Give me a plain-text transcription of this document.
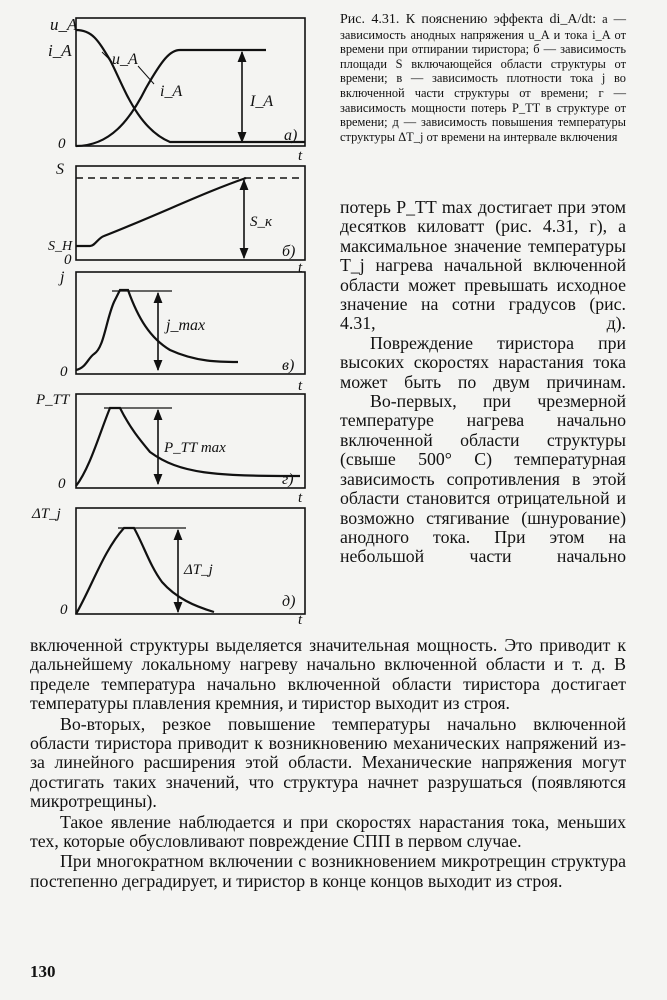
u_A
i_A	u_A
i_A
I_A
0
t
а)
S
S_Н
S_к
0	t
б)
j
j_max
0
t
в)
P_TT
P_TT max
0
t
г)
ΔT_j
ΔT_j
0
t
д)
Рис. 4.31. К пояснению эффекта di_A/dt: а — зависимость анодных напряжения u_A и тока i_A от времени при отпирании тиристора; б — зависимость площади S включающейся области структуры от времени; в — зависимость плотности тока j во включенной части структуры от времени; г — зависимость мощности потерь P_TT в структуре от времени; д — зависимость повышения температуры структуры ΔT_j от времени на интервале включения

потерь P_TT max достигает при этом десятков киловатт (рис. 4.31, г), а максимальное значение температуры T_j нагрева начальной включенной области может превышать исходное значение на сотни градусов (рис. 4.31, д).

Повреждение тиристора при высоких скоростях нарастания тока может быть по двум причинам.

Во-первых, при чрезмерной температуре нагрева начально включенной области структуры (свыше 500° С) температурная зависимость сопротивления в этой области становится отрицательной и возможно стягивание (шнурование) анодного тока. При этом на небольшой части начально

включенной структуры выделяется значительная мощность. Это приводит к дальнейшему локальному нагреву начально включенной области и т. д. В пределе температура начально включенной области тиристора достигает температуры плавления кремния, и тиристор выходит из строя.

Во-вторых, резкое повышение температуры начально включенной области тиристора приводит к возникновению механических напряжений из-за линейного расширения этой области. Механические напряжения могут достигать таких значений, что структура начнет разрушаться (появляются микротрещины).

Такое явление наблюдается и при скоростях нарастания тока, меньших тех, которые обусловливают повреждение СПП в первом случае.

При многократном включении с возникновением микротрещин структура постепенно деградирует, и тиристор в конце концов выходит из строя.

130
